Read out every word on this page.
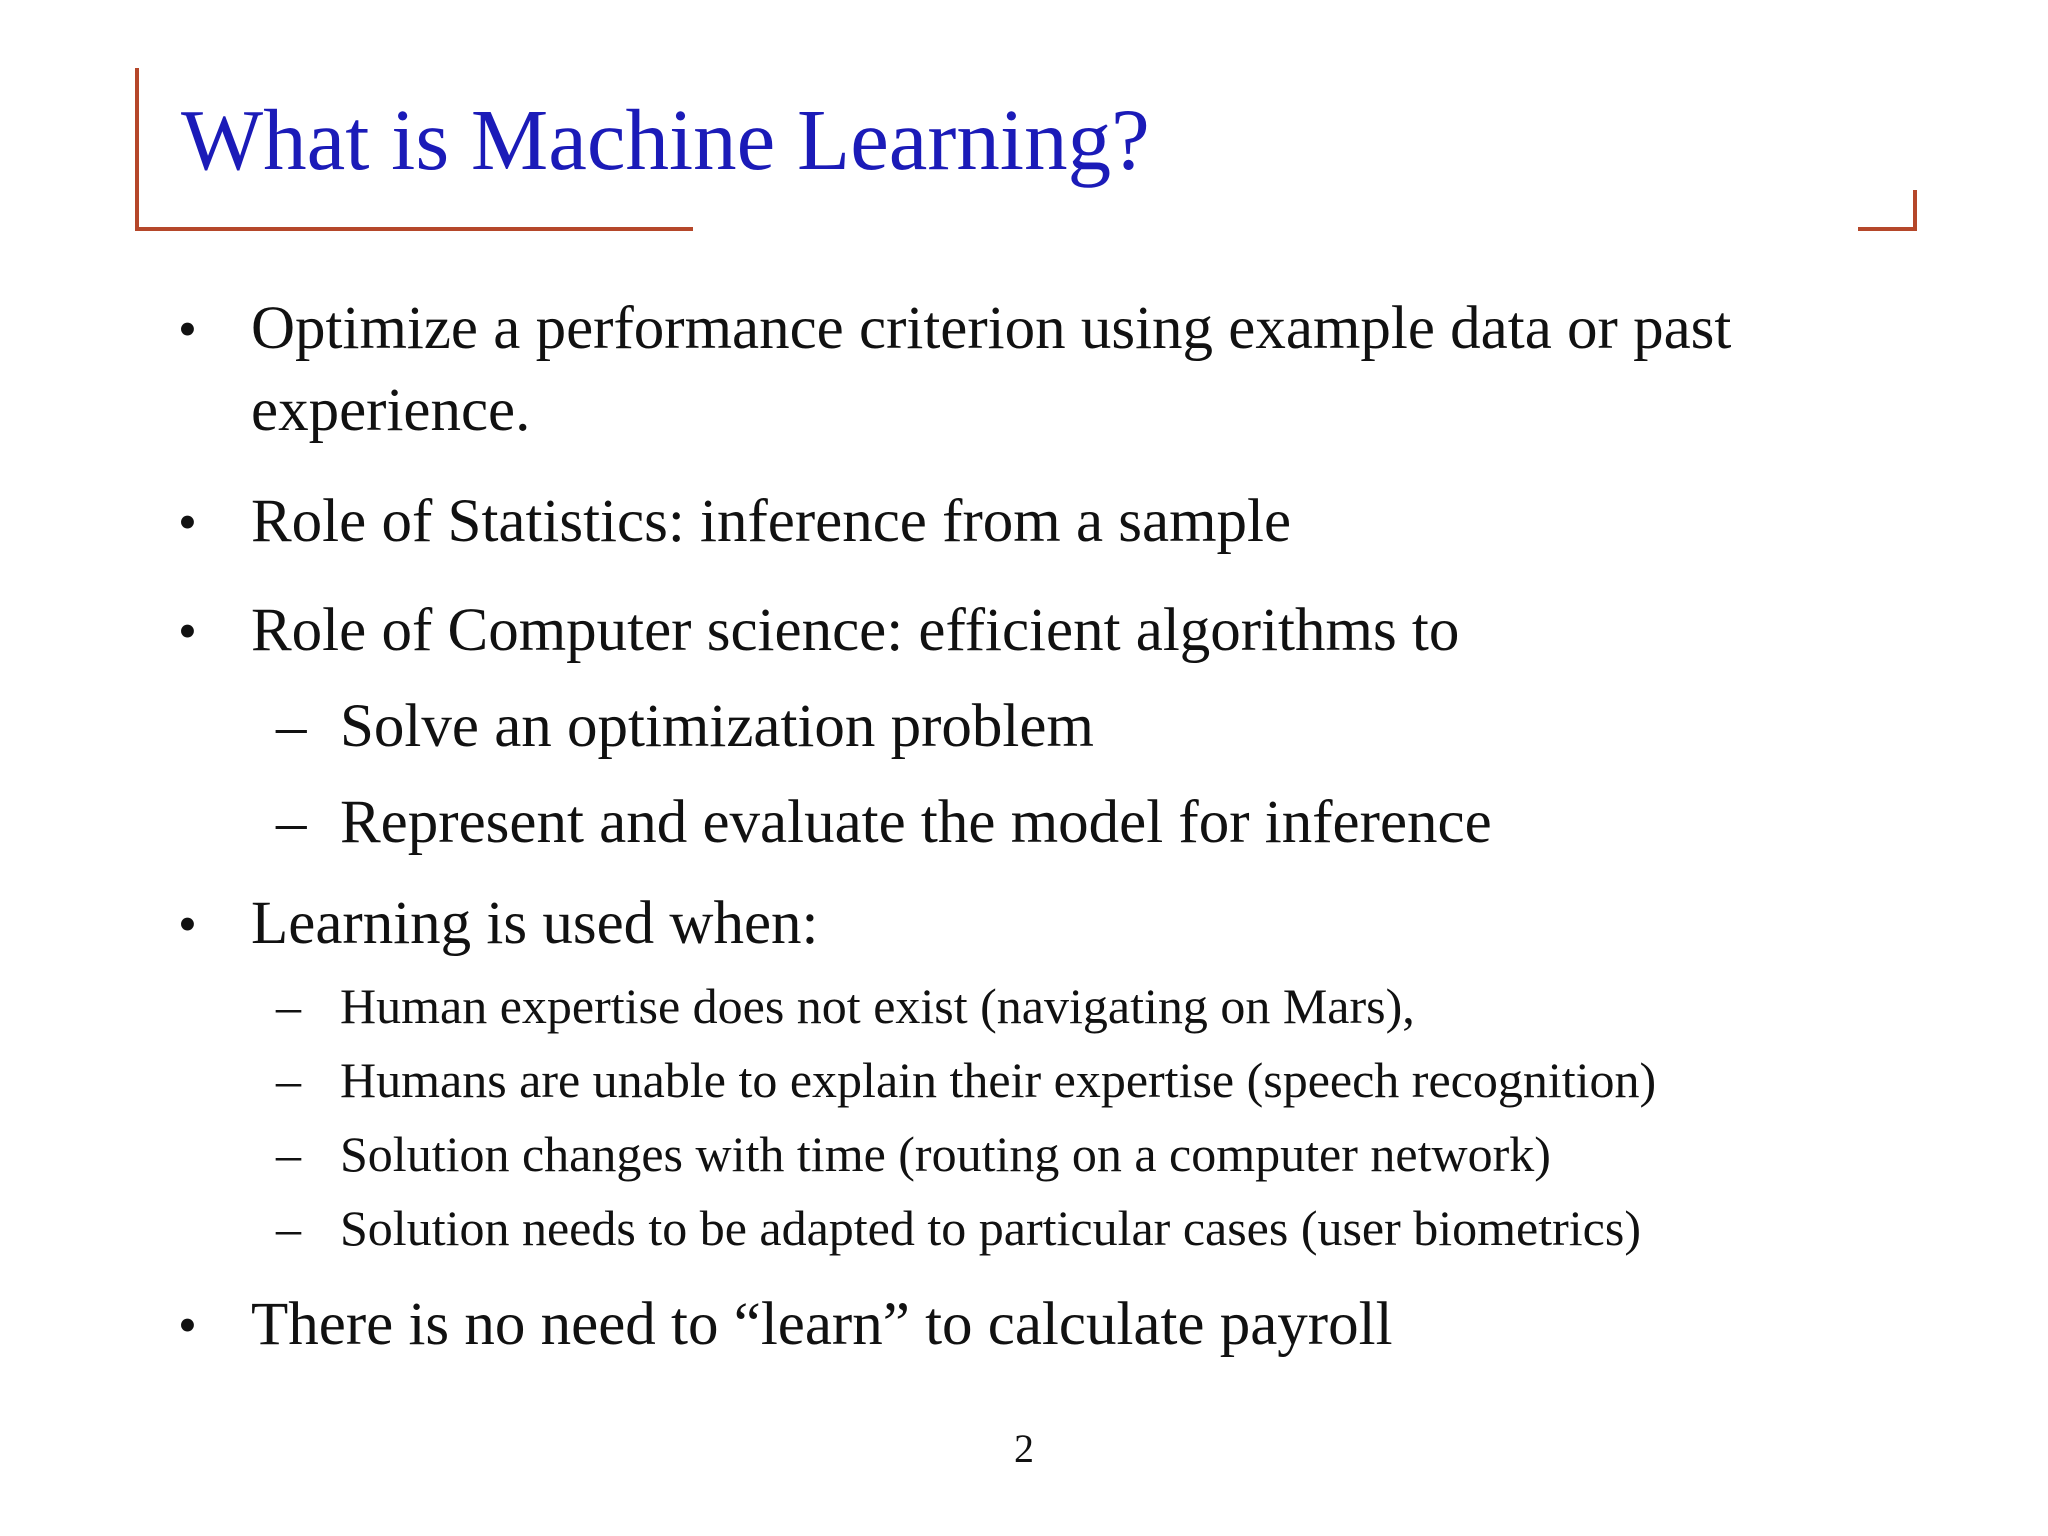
What is Machine Learning?
• Optimize a performance criterion using example data or past
experience.
• Role of Statistics: inference from a sample
• Role of Computer science: efficient algorithms to
– Solve an optimization problem
– Represent and evaluate the model for inference
• Learning is used when:
– Human expertise does not exist (navigating on Mars),
– Humans are unable to explain their expertise (speech recognition)
– Solution changes with time (routing on a computer network)
– Solution needs to be adapted to particular cases (user biometrics)
• There is no need to “learn” to calculate payroll
2
